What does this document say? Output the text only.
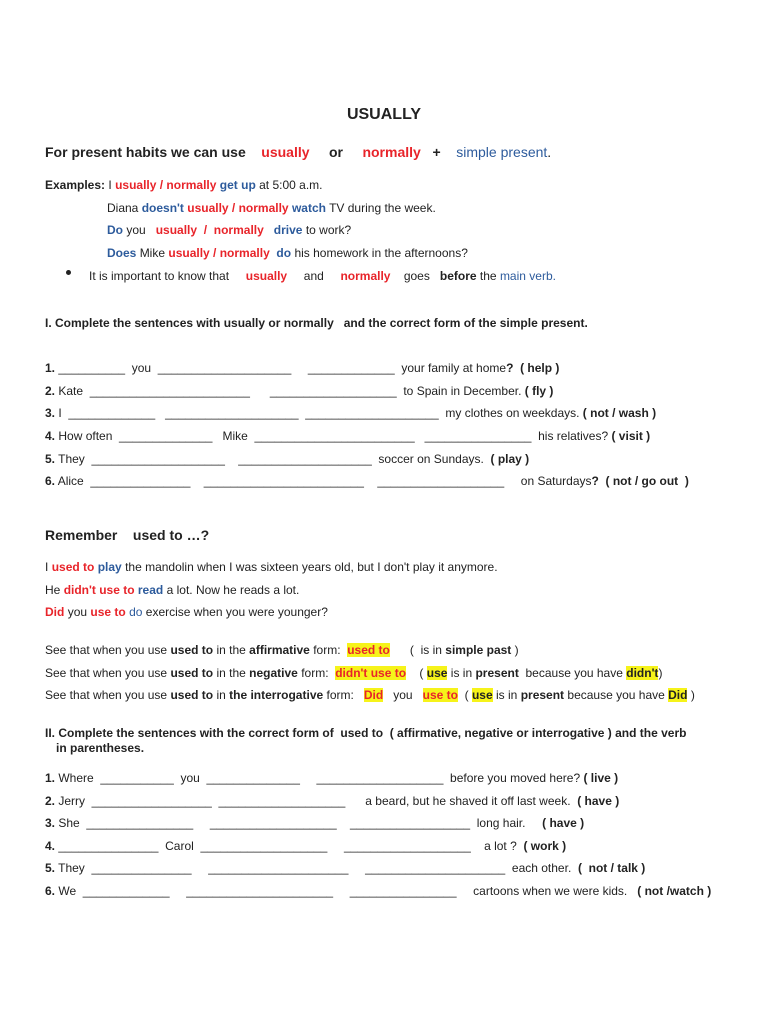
USUALLY
For present habits we can use usually or normally + simple present.
Examples: I usually / normally get up at 5:00 a.m.
Diana doesn't usually / normally watch TV during the week.
Do you usually / normally drive to work?
Does Mike usually / normally do his homework in the afternoons?
It is important to know that usually and normally goes before the main verb.
I. Complete the sentences with usually or normally   and the correct form of the simple present.
1. __________  you  ____________________     _____________  your family at home?  ( help )
2. Kate  ________________________      ___________________  to Spain in December. ( fly )
3. I  _____________   ____________________  ____________________  my clothes on weekdays. ( not / wash )
4. How often  ______________   Mike  ________________________   ________________  his relatives? ( visit )
5. They  ____________________    ____________________  soccer on Sundays.  ( play )
6. Alice  _______________    ________________________    ___________________     on Saturdays?  ( not / go out  )
Remember    used to …?
I used to play the mandolin when I was sixteen years old, but I don't play it anymore.
He didn't use to read a lot. Now he reads a lot.
Did you use to do exercise when you were younger?
See that when you use used to in the affirmative form: used to (  is in simple past )
See that when you use used to in the negative form: didn't use to ( use is in present because you have didn't)
See that when you use used to in the interrogative form: Did you use to ( use is in present because you have Did )
II. Complete the sentences with the correct form of  used to  ( affirmative, negative or interrogative ) and the verb
in parentheses.
1. Where  ___________  you  ______________     ___________________  before you moved here? ( live )
2. Jerry  __________________  ___________________      a beard, but he shaved it off last week.  ( have )
3. She  ________________     ___________________    __________________  long hair.     ( have )
4. _______________  Carol  ___________________     ___________________    a lot ?  ( work )
5. They  _______________     _____________________     _____________________  each other.  (  not / talk )
6. We  _____________     ______________________     ________________     cartoons when we were kids.   ( not /watch )
